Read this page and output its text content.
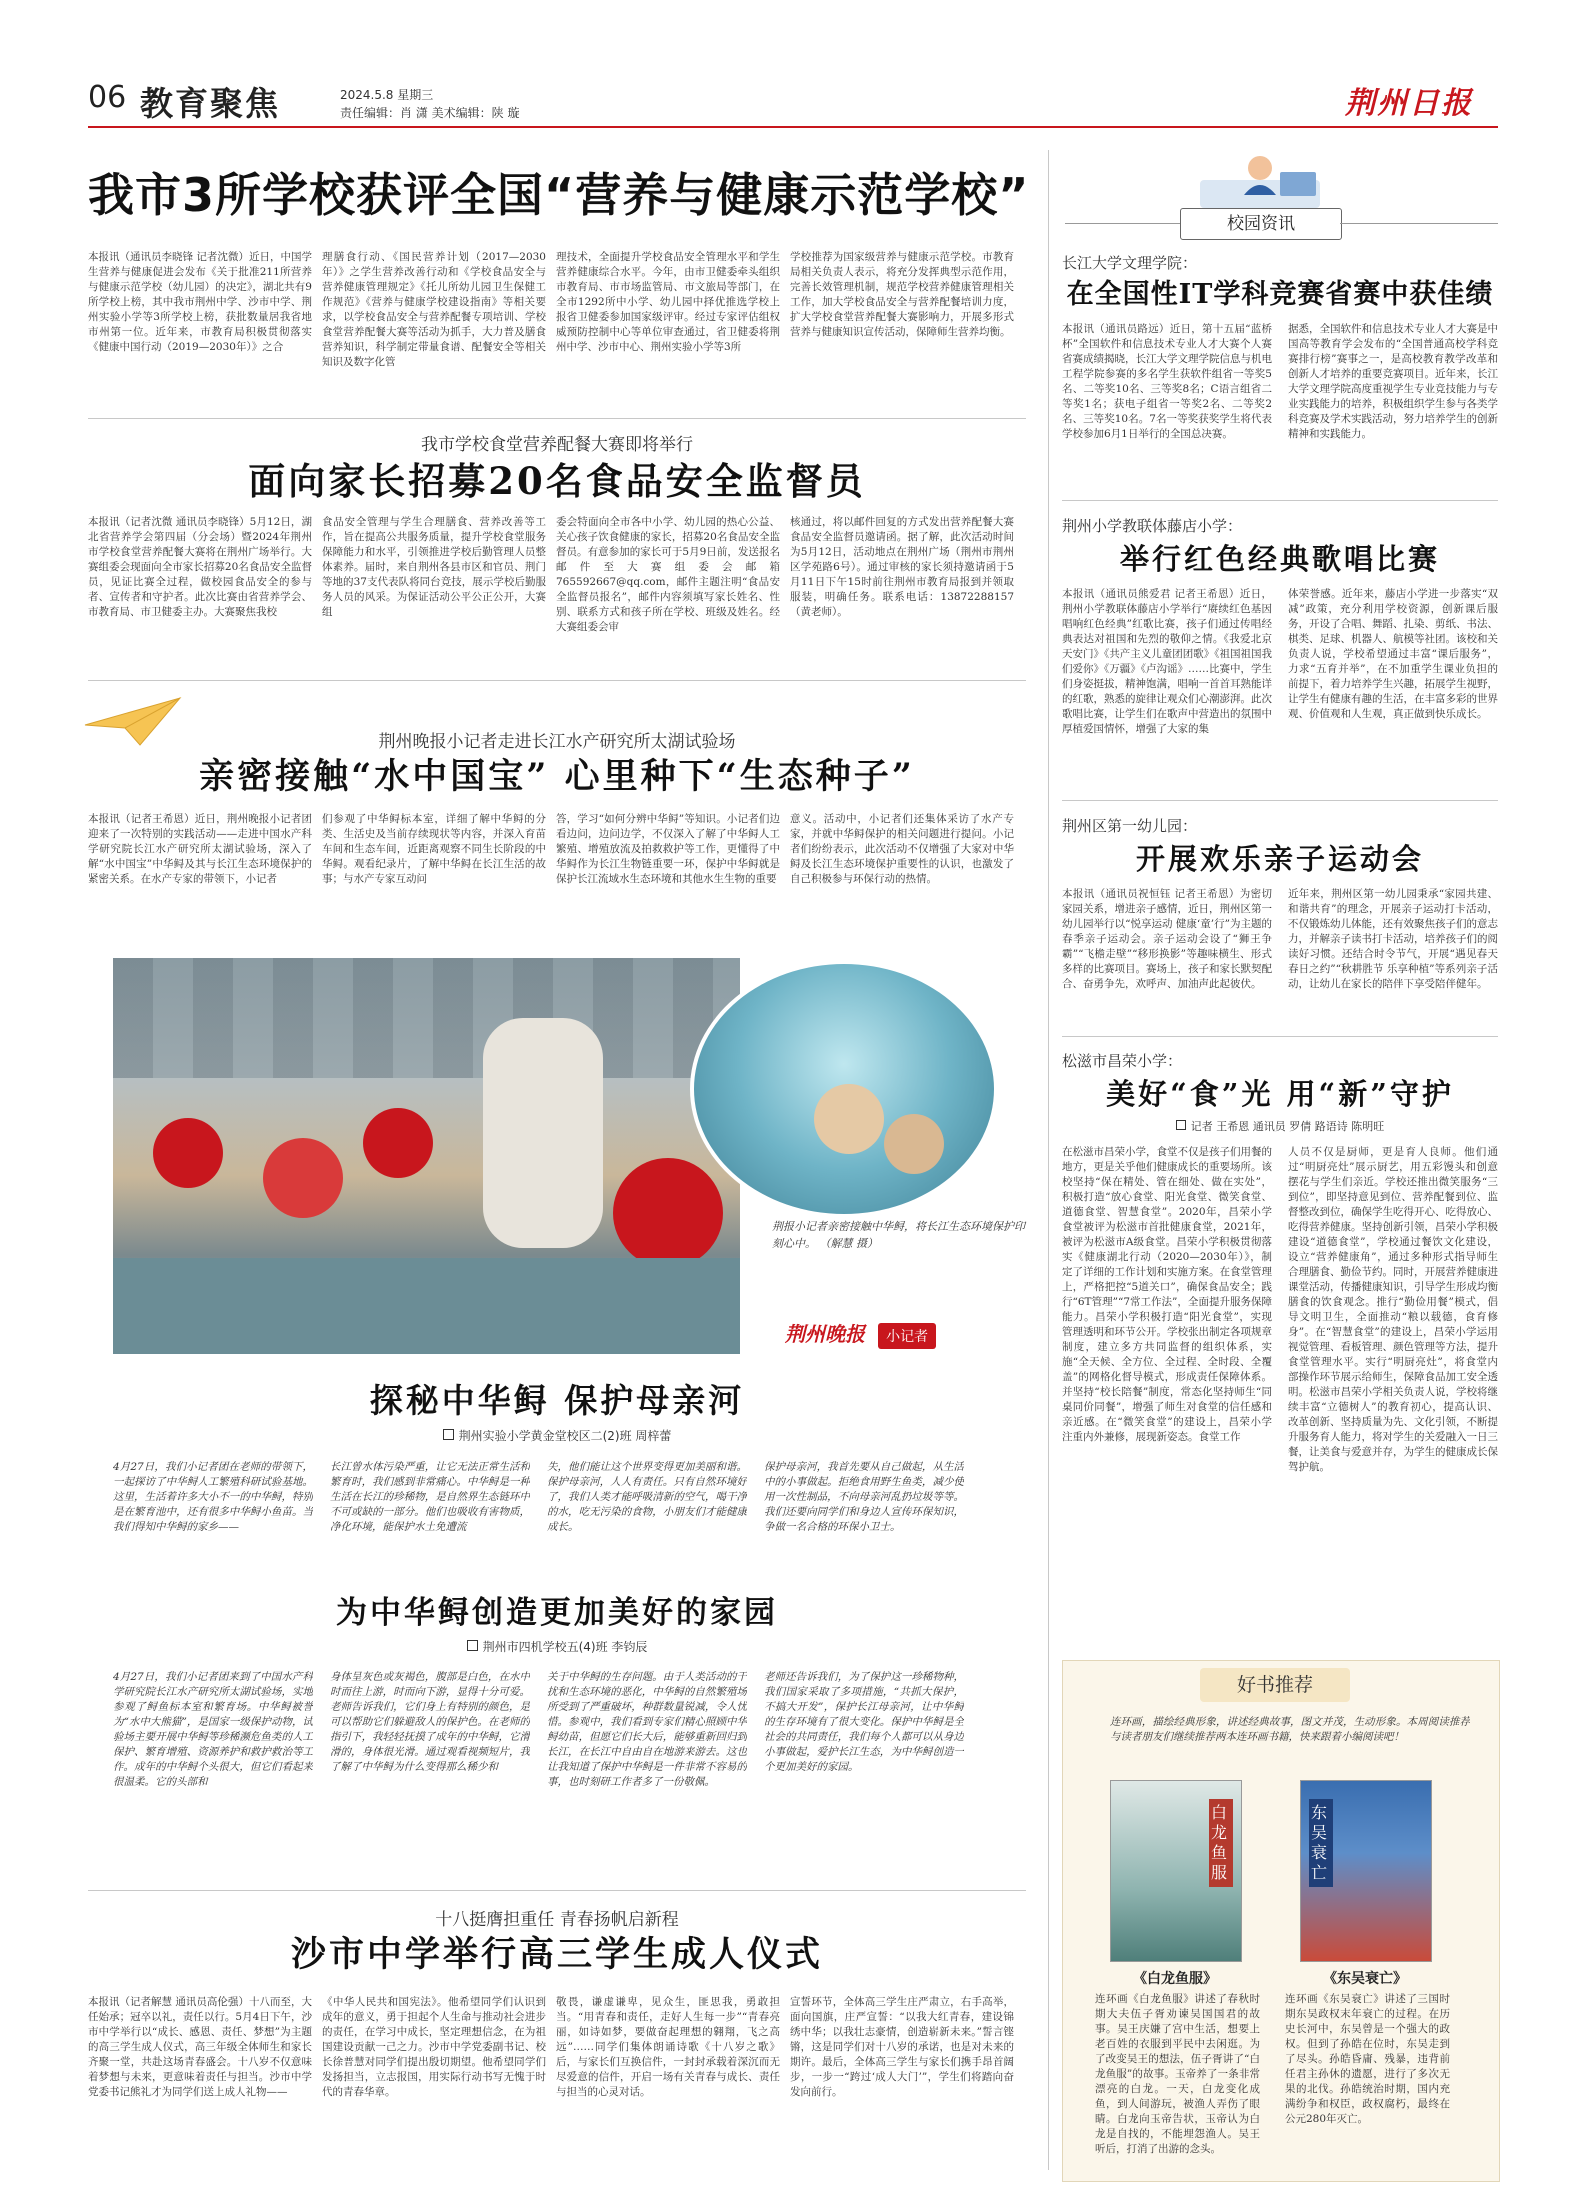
06 教育聚焦	2024.5.8 星期三
责任编辑：肖 潇 美术编辑：陕 璇	荆州日报
我市3所学校获评全国“营养与健康示范学校”
本报讯（通讯员李晓锋 记者沈微）近日，中国学生营养与健康促进会发布《关于批准211所营养与健康示范学校（幼儿园）的决定》，湖北共有9所学校上榜，其中我市荆州中学、沙市中学、荆州实验小学等3所学校上榜，获批数量居我省地市州第一位。近年来，市教育局积极贯彻落实《健康中国行动（2019—2030年）》之合
理膳食行动、《国民营养计划（2017—2030年）》之学生营养改善行动和《学校食品安全与营养健康管理规定》《托儿所幼儿园卫生保健工作规范》《营养与健康学校建设指南》等相关要求，以学校食品安全与营养配餐专项培训、学校食堂营养配餐大赛等活动为抓手，大力普及膳食营养知识，科学制定带量食谱、配餐安全等相关知识及数字化管
理技术，全面提升学校食品安全管理水平和学生营养健康综合水平。今年，由市卫健委牵头组织市教育局、市市场监管局、市文旅局等部门，在全市1292所中小学、幼儿园中择优推选学校上报省卫健委参加国家级评审。经过专家评估组权威预防控制中心等单位审查通过，省卫健委将荆州中学、沙市中心、荆州实验小学等3所
学校推荐为国家级营养与健康示范学校。市教育局相关负责人表示，将充分发挥典型示范作用，完善长效管理机制，规范学校营养健康管理相关工作，加大学校食品安全与营养配餐培训力度，扩大学校食堂营养配餐大赛影响力，开展多形式营养与健康知识宣传活动，保障师生营养均衡。
我市学校食堂营养配餐大赛即将举行
面向家长招募20名食品安全监督员
本报讯（记者沈微 通讯员李晓锋）5月12日，湖北省营养学会第四届（分会场）暨2024年荆州市学校食堂营养配餐大赛将在荆州广场举行。大赛组委会现面向全市家长招募20名食品安全监督员，见证比赛全过程，做校园食品安全的参与者、宣传者和守护者。此次比赛由省营养学会、市教育局、市卫健委主办。大赛聚焦我校
食品安全管理与学生合理膳食、营养改善等工作，旨在提高公共服务质量，提升学校食堂服务保障能力和水平，引领推进学校后勤管理人员整体素养。届时，来自荆州各县市区和官员、荆门等地的37支代表队将同台竞技，展示学校后勤服务人员的风采。为保证活动公平公正公开，大赛组
委会特面向全市各中小学、幼儿园的热心公益、关心孩子饮食健康的家长，招募20名食品安全监督员。有意参加的家长可于5月9日前，发送报名邮件至大赛组委会邮箱765592667@qq.com，邮件主题注明“食品安全监督员报名”，邮件内容须填写家长姓名、性别、联系方式和孩子所在学校、班级及姓名。经大赛组委会审
核通过，将以邮件回复的方式发出营养配餐大赛食品安全监督员邀请函。据了解，此次活动时间为5月12日，活动地点在荆州广场（荆州市荆州区学苑路6号）。通过审核的家长须持邀请函于5月11日下午15时前往荆州市教育局报到并领取服装，明确任务。联系电话：13872288157（黄老师）。
荆州晚报小记者走进长江水产研究所太湖试验场
亲密接触“水中国宝” 心里种下“生态种子”
本报讯（记者王希恩）近日，荆州晚报小记者团迎来了一次特别的实践活动——走进中国水产科学研究院长江水产研究所太湖试验场，深入了解“水中国宝”中华鲟及其与长江生态环境保护的紧密关系。在水产专家的带领下，小记者
们参观了中华鲟标本室，详细了解中华鲟的分类、生活史及当前存续现状等内容，并深入育苗车间和生态车间，近距离观察不同生长阶段的中华鲟。观看纪录片，了解中华鲟在长江生活的故事；与水产专家互动问
答，学习“如何分辨中华鲟”等知识。小记者们边看边问，边问边学，不仅深入了解了中华鲟人工繁殖、增殖放流及拍救救护等工作，更懂得了中华鲟作为长江生物链重要一环，保护中华鲟就是保护长江流域水生态环境和其他水生生物的重要
意义。活动中，小记者们还集体采访了水产专家，并就中华鲟保护的相关问题进行提问。小记者们纷纷表示，此次活动不仅增强了大家对中华鲟及长江生态环境保护重要性的认识，也激发了自己积极参与环保行动的热情。
荆报小记者亲密接触中华鲟，将长江生态环境保护印刻心中。 （解慧 摄）
荆州晚报 小记者
探秘中华鲟 保护母亲河
荆州实验小学黄金堂校区二(2)班 周梓蕾
4月27日，我们小记者团在老师的带领下，一起探访了中华鲟人工繁殖科研试验基地。这里，生活着许多大小不一的中华鲟，特别是在繁育池中，还有很多中华鲟小鱼苗。当我们得知中华鲟的家乡——
长江曾水体污染严重，让它无法正常生活和繁育时，我们感到非常痛心。中华鲟是一种生活在长江的珍稀物，是自然界生态链环中不可或缺的一部分。他们也吸收有害物质，净化环境，能保护水土免遭流
失，他们能让这个世界变得更加美丽和谐。保护母亲河，人人有责任。只有自然环境好了，我们人类才能呼吸清新的空气，喝干净的水，吃无污染的食物，小朋友们才能健康成长。
保护母亲河，我首先要从自己做起，从生活中的小事做起。拒绝食用野生鱼类，减少使用一次性制品，不向母亲河乱扔垃圾等等。我们还要向同学们和身边人宣传环保知识，争做一名合格的环保小卫士。
为中华鲟创造更加美好的家园
荆州市四机学校五(4)班 李钧辰
4月27日，我们小记者团来到了中国水产科学研究院长江水产研究所太湖试验场，实地参观了鲟鱼标本室和繁育场。中华鲟被誉为“水中大熊猫”，是国家一级保护动物，试验场主要开展中华鲟等珍稀濒危鱼类的人工保护、繁育增殖、资源养护和救护救治等工作。成年的中华鲟个头很大，但它们看起来很温柔。它的头部和
身体呈灰色或灰褐色，腹部是白色，在水中时而往上游，时而向下游，显得十分可爱。老师告诉我们，它们身上有特别的颜色，是可以帮助它们躲避敌人的保护色。在老师的指引下，我轻轻抚摸了成年的中华鲟，它滑滑的，身体很光滑。通过观看视频短片，我了解了中华鲟为什么变得那么稀少和
关于中华鲟的生存问题。由于人类活动的干扰和生态环境的恶化，中华鲟的自然繁殖场所受到了严重破坏，种群数量锐减，令人忧惜。参观中，我们看到专家们精心照顾中华鲟幼苗，但愿它们长大后，能够重新回归到长江，在长江中自由自在地游来游去。这也让我知道了保护中华鲟是一件非常不容易的事，也时刻研工作者多了一份敬佩。
老师还告诉我们，为了保护这一珍稀物种，我们国家采取了多项措施，“共抓大保护，不搞大开发”，保护长江母亲河，让中华鲟的生存环境有了很大变化。保护中华鲟是全社会的共同责任，我们每个人都可以从身边小事做起，爱护长江生态，为中华鲟创造一个更加美好的家园。
十八挺膺担重任 青春扬帆启新程
沙市中学举行高三学生成人仪式
本报讯（记者解慧 通讯员高伦强）十八而至，大任始承；冠卒以礼，责任以行。5月4日下午，沙市中学举行以“成长、感恩、责任、梦想”为主题的高三学生成人仪式，高三年级全体师生和家长齐聚一堂，共赴这场青春盛会。十八岁不仅意味着梦想与未来，更意味着责任与担当。沙市中学党委书记熊礼才为同学们送上成人礼物——
《中华人民共和国宪法》。他希望同学们认识到成年的意义，勇于担起个人生命与推动社会进步的责任，在学习中成长，坚定理想信念，在为祖国建设贡献一己之力。沙市中学党委副书记、校长徐普慧对同学们提出殷切期望。他希望同学们发扬担当，立志报国，用实际行动书写无愧于时代的青春华章。
敬畏，谦虚谦卑，见众生，匪思我，勇敢担当。“用青春和责任，走好人生每一步”“青春亮丽，如诗如梦，要做奋起理想的翱翔，飞之高远”……同学们集体朗诵诗歌《十八岁之歌》后，与家长们互换信件，一封封承载着深沉而无尽爱意的信件，开启一场有关青春与成长、责任与担当的心灵对话。
宣誓环节，全体高三学生庄严肃立，右手高举，面向国旗，庄严宣誓：“以我大红青春，建设锦绣中华；以我壮志豪情，创造崭新未来。”誓言铿锵，这是同学们对十八岁的承诺，也是对未来的期许。最后，全体高三学生与家长们携手昂首阔步，一步一“跨过‘成人大门’”，学生们将踏向奋发向前行。
校园资讯
长江大学文理学院：
在全国性IT学科竞赛省赛中获佳绩
本报讯（通讯员路远）近日，第十五届“蓝桥杯”全国软件和信息技术专业人才大赛个人赛省赛成绩揭晓，长江大学文理学院信息与机电工程学院参赛的多名学生获软件组省一等奖5名、二等奖10名、三等奖8名；C语言组省二等奖1名；获电子组省一等奖2名、二等奖2名、三等奖10名。7名一等奖获奖学生将代表学校参加6月1日举行的全国总决赛。
据悉，全国软件和信息技术专业人才大赛是中国高等教育学会发布的“全国普通高校学科竞赛排行榜”赛事之一，是高校教育教学改革和创新人才培养的重要竞赛项目。近年来，长江大学文理学院高度重视学生专业竞技能力与专业实践能力的培养，积极组织学生参与各类学科竞赛及学术实践活动，努力培养学生的创新精神和实践能力。
荆州小学教联体藤店小学：
举行红色经典歌唱比赛
本报讯（通讯员熊爱君 记者王希恩）近日，荆州小学教联体藤店小学举行“赓续红色基因 唱响红色经典”红歌比赛，孩子们通过传唱经典表达对祖国和先烈的敬仰之情。《我爱北京天安门》《共产主义儿童团团歌》《祖国祖国我们爱你》《万疆》《卢沟谣》……比赛中，学生们身姿挺拔，精神饱满，唱响一首首耳熟能详的红歌，熟悉的旋律让观众们心潮澎湃。此次歌唱比赛，让学生们在歌声中营造出的氛围中厚植爱国情怀，增强了大家的集
体荣誉感。近年来，藤店小学进一步落实“双减”政策，充分利用学校资源，创新课后服务，开设了合唱、舞蹈、扎染、剪纸、书法、棋类、足球、机器人、航模等社团。该校和关负责人说，学校希望通过丰富“课后服务”，力求“五育并举”，在不加重学生课业负担的前提下，着力培养学生兴趣，拓展学生视野，让学生有健康有趣的生活，在丰富多彩的世界观、价值观和人生观，真正做到快乐成长。
荆州区第一幼儿园：
开展欢乐亲子运动会
本报讯（通讯员祝恒钰 记者王希恩）为密切家园关系，增进亲子感情，近日，荆州区第一幼儿园举行以“悦享运动 健康‘童’行”为主题的春季亲子运动会。亲子运动会设了“狮王争霸”“飞檐走壁”“移形换影”等趣味横生、形式多样的比赛项目。赛场上，孩子和家长默契配合、奋勇争先，欢呼声、加油声此起彼伏。
近年来，荆州区第一幼儿园秉承“家园共建、和谐共育”的理念，开展亲子运动打卡活动，不仅锻炼幼儿体能，还有效聚焦孩子们的意志力，并解亲子读书打卡活动，培养孩子们的阅读好习惯。还结合时令节气，开展“遇见春天 春日之约”“秋耕胜节 乐享种植”等系列亲子活动，让幼儿在家长的陪伴下享受陪伴健年。
松滋市昌荣小学：
美好“食”光 用“新”守护
记者 王希恩 通讯员 罗倩 路语诗 陈明旺
在松滋市昌荣小学，食堂不仅是孩子们用餐的地方，更是关乎他们健康成长的重要场所。该校坚持“保在精处、管在细处、做在实处”，积极打造“放心食堂、阳光食堂、微笑食堂、道德食堂、智慧食堂”。2020年，昌荣小学食堂被评为松滋市首批健康食堂，2021年，被评为松滋市A级食堂。昌荣小学积极贯彻落实《健康湖北行动（2020—2030年）》，制定了详细的工作计划和实施方案。在食堂管理上，严格把控“5道关口”，确保食品安全；践行“6T管理”“7常工作法”，全面提升服务保障能力。昌荣小学积极打造“阳光食堂”，实现管理透明和环节公开。学校张出制定各项规章制度，建立多方共同监督的组织体系，实施“全天候、全方位、全过程、全时段、全覆盖”的网格化督导模式，形成责任保障体系。并坚持“校长陪餐”制度，常态化坚持师生“同桌同价同餐”，增强了师生对食堂的信任感和亲近感。在“微笑食堂”的建设上，昌荣小学注重内外兼修，展现新姿态。食堂工作
人员不仅是厨师，更是育人良师。他们通过“明厨亮灶”展示厨艺，用五彩馒头和创意摆花与学生们亲近。学校还推出微笑服务“三到位”，即坚持意见到位、营养配餐到位、监督整改到位，确保学生吃得开心、吃得放心、吃得营养健康。坚持创新引领，昌荣小学积极建设“道德食堂”，学校通过餐饮文化建设，设立“营养健康角”，通过多种形式指导师生合理膳食、勤俭节约。同时，开展营养健康进课堂活动，传播健康知识，引导学生形成均衡膳食的饮食观念。推行“勤俭用餐”模式，倡导文明卫生，全面推动“粮以载德，食育修身”。在“智慧食堂”的建设上，昌荣小学运用视觉管理、看板管理、颜色管理等方法，提升食堂管理水平。实行“明厨亮灶”，将食堂内部操作环节展示给师生，保障食品加工安全透明。松滋市昌荣小学相关负责人说，学校将继续丰富“立德树人”的教育初心，提高认识、改革创新、坚持质量为先、文化引领，不断提升服务育人能力，将对学生的关爱融入一日三餐，让美食与爱意并存，为学生的健康成长保驾护航。
好书推荐
连环画，描绘经典形象，讲述经典故事，图文并茂，生动形象。本周阅读推荐与读者朋友们继续推荐两本连环画书籍，快来跟着小编阅读吧！
白龙鱼服
东吴衰亡
《白龙鱼服》	《东吴衰亡》
连环画《白龙鱼服》讲述了春秋时期大夫伍子胥劝谏吴国国君的故事。吴王庆嫌了宫中生活，想要上老百姓的衣服到平民中去闲逛。为了改变吴王的想法，伍子胥讲了“白龙鱼服”的故事。玉帝养了一条非常漂亮的白龙。一天，白龙变化成鱼，到人间游玩，被渔人弄伤了眼睛。白龙向玉帝告状，玉帝认为白龙是自找的，不能埋怨渔人。吴王听后，打消了出游的念头。
连环画《东吴衰亡》讲述了三国时期东吴政权末年衰亡的过程。在历史长河中，东吴曾是一个强大的政权。但到了孙皓在位时，东吴走到了尽头。孙皓昏庸、残暴，违背前任君主孙休的遗愿，进行了多次无果的北伐。孙皓统治时期，国内充满纷争和权臣，政权腐朽，最终在公元280年灭亡。
